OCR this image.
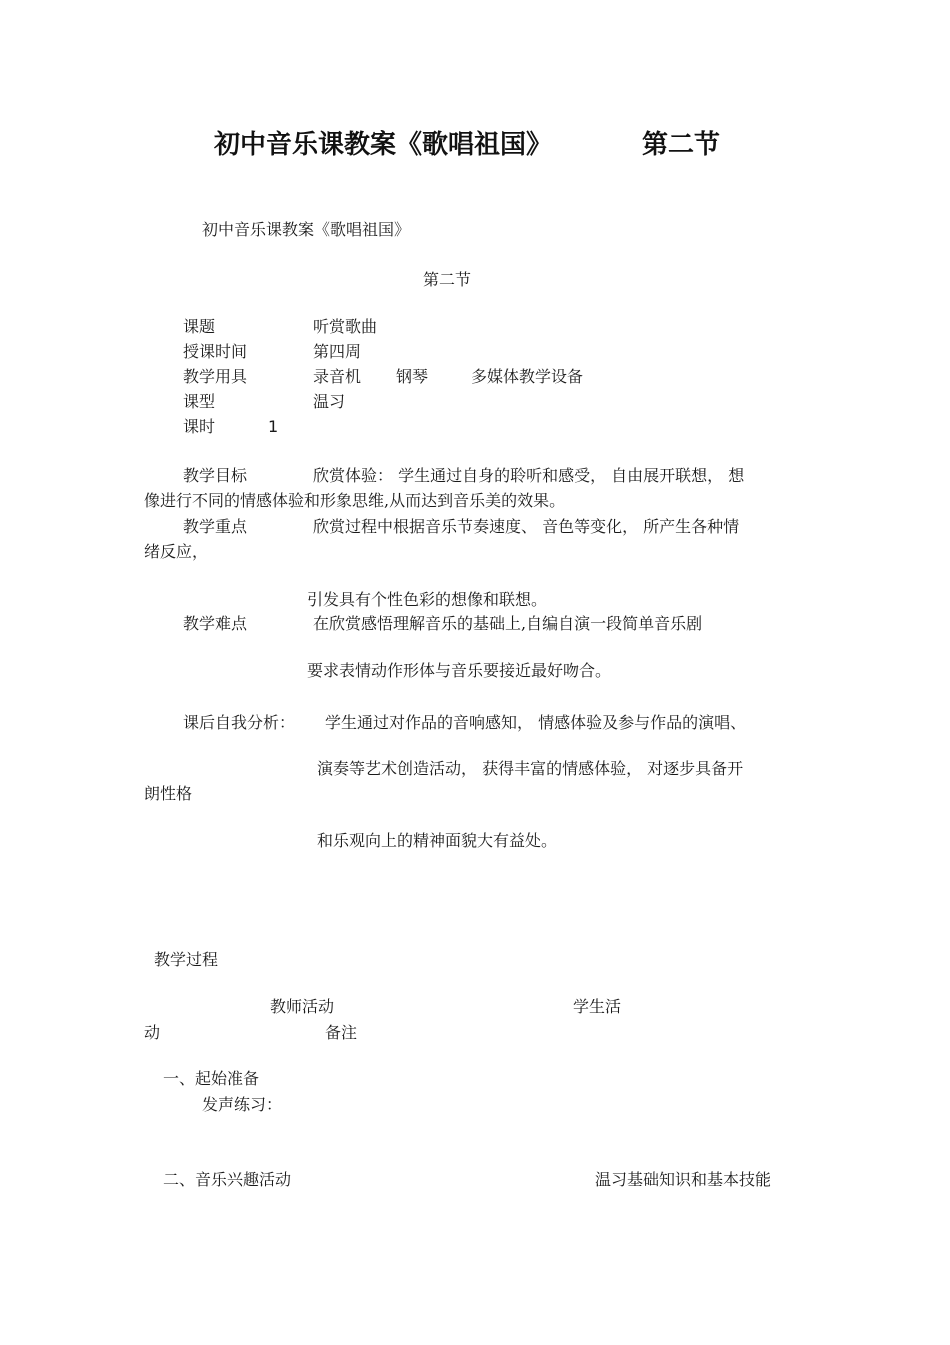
初中音乐课教案《歌唱祖国》	第二节
初中音乐课教案《歌唱祖国》
第二节
课题	听赏歌曲
授课时间	第四周
教学用具	录音机 钢琴	多媒体教学设备
课型	温习
课时	1
教学目标	欣赏体验： 学生通过自身的聆听和感受， 自由展开联想， 想
像进行不同的情感体验和形象思维,从而达到音乐美的效果。
教学重点	欣赏过程中根据音乐节奏速度、 音色等变化， 所产生各种情
绪反应，
引发具有个性色彩的想像和联想。
教学难点	在欣赏感悟理解音乐的基础上,自编自演一段简单音乐剧
要求表情动作形体与音乐要接近最好吻合。
课后自我分析： 学生通过对作品的音响感知， 情感体验及参与作品的演唱、
演奏等艺术创造活动， 获得丰富的情感体验， 对逐步具备开
朗性格
和乐观向上的精神面貌大有益处。
教学过程
教师活动	学生活
动	备注
一、起始准备
发声练习：
二、音乐兴趣活动	温习基础知识和基本技能
